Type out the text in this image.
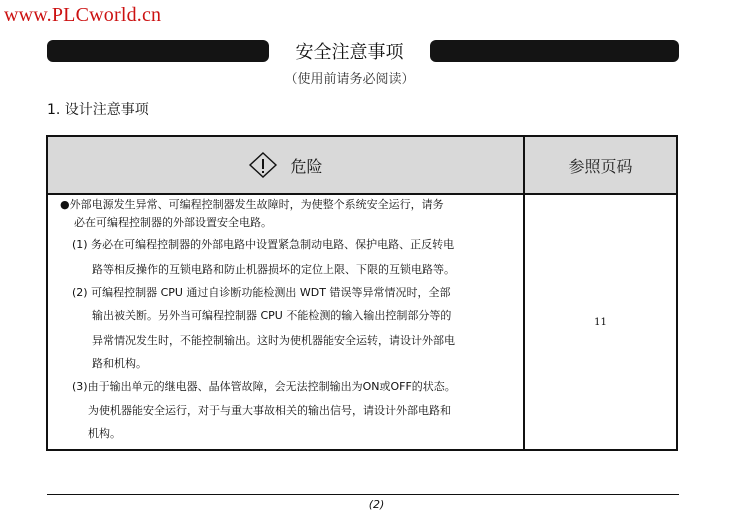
www.PLCworld.cn
安全注意事项
（使用前请务必阅读）
1. 设计注意事项
危险	参照页码
●外部电源发生异常、可编程控制器发生故障时，为使整个系统安全运行，请务
必在可编程控制器的外部设置安全电路。
(1) 务必在可编程控制器的外部电路中设置紧急制动电路、保护电路、正反转电
路等相反操作的互锁电路和防止机器损坏的定位上限、下限的互锁电路等。
(2) 可编程控制器 CPU 通过自诊断功能检测出 WDT 错误等异常情况时，全部
输出被关断。另外当可编程控制器 CPU 不能检测的输入输出控制部分等的
异常情况发生时，不能控制输出。这时为使机器能安全运转，请设计外部电
路和机构。
(3)由于输出单元的继电器、晶体管故障，会无法控制输出为ON或OFF的状态。
为使机器能安全运行，对于与重大事故相关的输出信号，请设计外部电路和
机构。
11
(2)
